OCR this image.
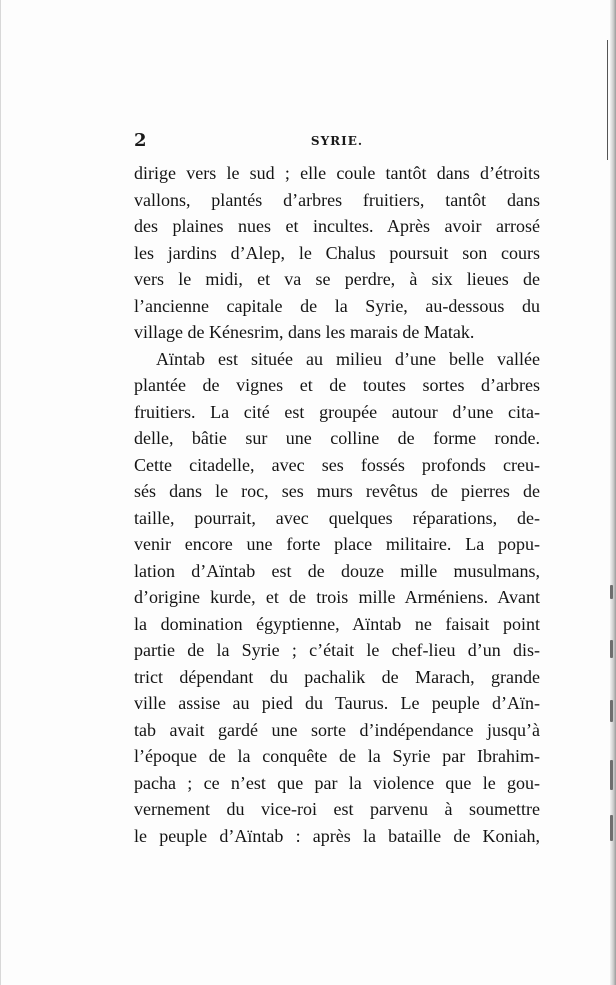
2	SYRIE.
dirige vers le sud ; elle coule tantôt dans d’étroits
vallons, plantés d’arbres fruitiers, tantôt dans
des plaines nues et incultes. Après avoir arrosé
les jardins d’Alep, le Chalus poursuit son cours
vers le midi, et va se perdre, à six lieues de
l’ancienne capitale de la Syrie, au-dessous du
village de Kénesrim, dans les marais de Matak.
Aïntab est située au milieu d’une belle vallée
plantée de vignes et de toutes sortes d’arbres
fruitiers. La cité est groupée autour d’une cita-
delle, bâtie sur une colline de forme ronde.
Cette citadelle, avec ses fossés profonds creu-
sés dans le roc, ses murs revêtus de pierres de
taille, pourrait, avec quelques réparations, de-
venir encore une forte place militaire. La popu-
lation d’Aïntab est de douze mille musulmans,
d’origine kurde, et de trois mille Arméniens. Avant
la domination égyptienne, Aïntab ne faisait point
partie de la Syrie ; c’était le chef-lieu d’un dis-
trict dépendant du pachalik de Marach, grande
ville assise au pied du Taurus. Le peuple d’Aïn-
tab avait gardé une sorte d’indépendance jusqu’à
l’époque de la conquête de la Syrie par Ibrahim-
pacha ; ce n’est que par la violence que le gou-
vernement du vice-roi est parvenu à soumettre
le peuple d’Aïntab : après la bataille de Koniah,
